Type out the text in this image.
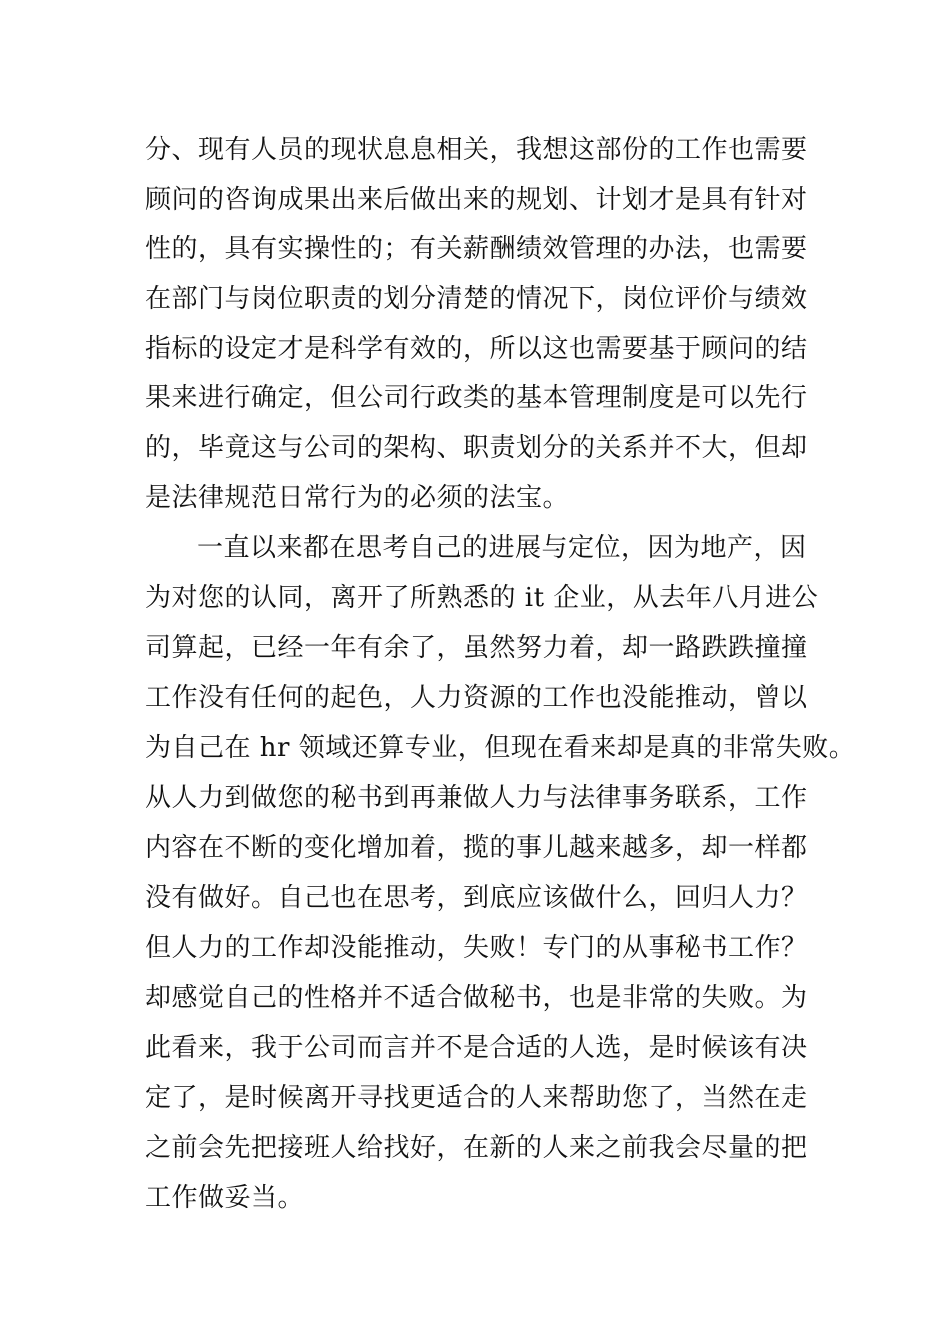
分、现有人员的现状息息相关，我想这部份的工作也需要
顾问的咨询成果出来后做出来的规划、计划才是具有针对
性的，具有实操性的；有关薪酬绩效管理的办法，也需要
在部门与岗位职责的划分清楚的情况下，岗位评价与绩效
指标的设定才是科学有效的，所以这也需要基于顾问的结
果来进行确定，但公司行政类的基本管理制度是可以先行
的，毕竟这与公司的架构、职责划分的关系并不大，但却
是法律规范日常行为的必须的法宝。
一直以来都在思考自己的进展与定位，因为地产，因
为对您的认同，离开了所熟悉的 it 企业，从去年八月进公
司算起，已经一年有余了，虽然努力着，却一路跌跌撞撞
工作没有任何的起色，人力资源的工作也没能推动，曾以
为自己在 hr 领域还算专业，但现在看来却是真的非常失败。
从人力到做您的秘书到再兼做人力与法律事务联系，工作
内容在不断的变化增加着，揽的事儿越来越多，却一样都
没有做好。自己也在思考，到底应该做什么，回归人力？
但人力的工作却没能推动，失败！专门的从事秘书工作？
却感觉自己的性格并不适合做秘书，也是非常的失败。为
此看来，我于公司而言并不是合适的人选，是时候该有决
定了，是时候离开寻找更适合的人来帮助您了，当然在走
之前会先把接班人给找好，在新的人来之前我会尽量的把
工作做妥当。
